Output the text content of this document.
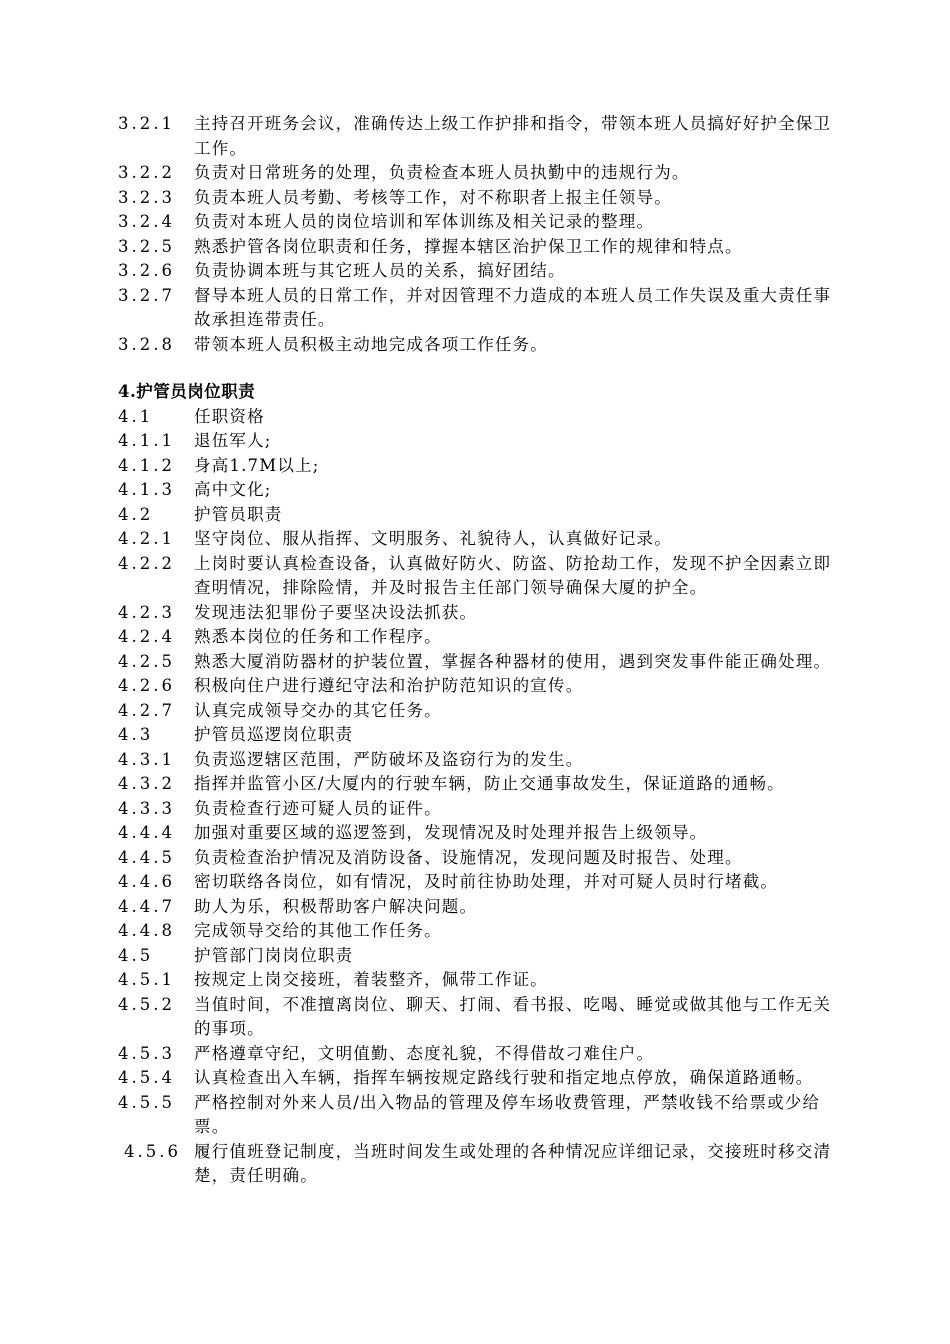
3.2.1	主持召开班务会议，准确传达上级工作护排和指令，带领本班人员搞好好护全保卫工作。
3.2.2	负责对日常班务的处理，负责检查本班人员执勤中的违规行为。
3.2.3	负责本班人员考勤、考核等工作，对不称职者上报主任领导。
3.2.4	负责对本班人员的岗位培训和军体训练及相关记录的整理。
3.2.5	熟悉护管各岗位职责和任务，撑握本辖区治护保卫工作的规律和特点。
3.2.6	负责协调本班与其它班人员的关系，搞好团结。
3.2.7	督导本班人员的日常工作，并对因管理不力造成的本班人员工作失误及重大责任事故承担连带责任。
3.2.8	带领本班人员积极主动地完成各项工作任务。
4.护管员岗位职责
4.1	任职资格
4.1.1	退伍军人;
4.1.2	身高1.7M以上;
4.1.3	高中文化;
4.2	护管员职责
4.2.1	坚守岗位、服从指挥、文明服务、礼貌待人，认真做好记录。
4.2.2	上岗时要认真检查设备，认真做好防火、防盗、防抢劫工作，发现不护全因素立即查明情况，排除险情，并及时报告主任部门领导确保大厦的护全。
4.2.3	发现违法犯罪份子要坚决设法抓获。
4.2.4	熟悉本岗位的任务和工作程序。
4.2.5	熟悉大厦消防器材的护装位置，掌握各种器材的使用，遇到突发事件能正确处理。
4.2.6	积极向住户进行遵纪守法和治护防范知识的宣传。
4.2.7	认真完成领导交办的其它任务。
4.3	护管员巡逻岗位职责
4.3.1	负责巡逻辖区范围，严防破坏及盗窃行为的发生。
4.3.2	指挥并监管小区/大厦内的行驶车辆，防止交通事故发生，保证道路的通畅。
4.3.3	负责检查行迹可疑人员的证件。
4.4.4	加强对重要区域的巡逻签到，发现情况及时处理并报告上级领导。
4.4.5	负责检查治护情况及消防设备、设施情况，发现问题及时报告、处理。
4.4.6	密切联络各岗位，如有情况，及时前往协助处理，并对可疑人员时行堵截。
4.4.7	助人为乐，积极帮助客户解决问题。
4.4.8	完成领导交给的其他工作任务。
4.5	护管部门岗岗位职责
4.5.1	按规定上岗交接班，着装整齐，佩带工作证。
4.5.2	当值时间，不准擅离岗位、聊天、打闹、看书报、吃喝、睡觉或做其他与工作无关的事项。
4.5.3	严格遵章守纪，文明值勤、态度礼貌，不得借故刁难住户。
4.5.4	认真检查出入车辆，指挥车辆按规定路线行驶和指定地点停放，确保道路通畅。
4.5.5	严格控制对外来人员/出入物品的管理及停车场收费管理，严禁收钱不给票或少给票。
4.5.6 履行值班登记制度，当班时间发生或处理的各种情况应详细记录，交接班时移交清楚，责任明确。
